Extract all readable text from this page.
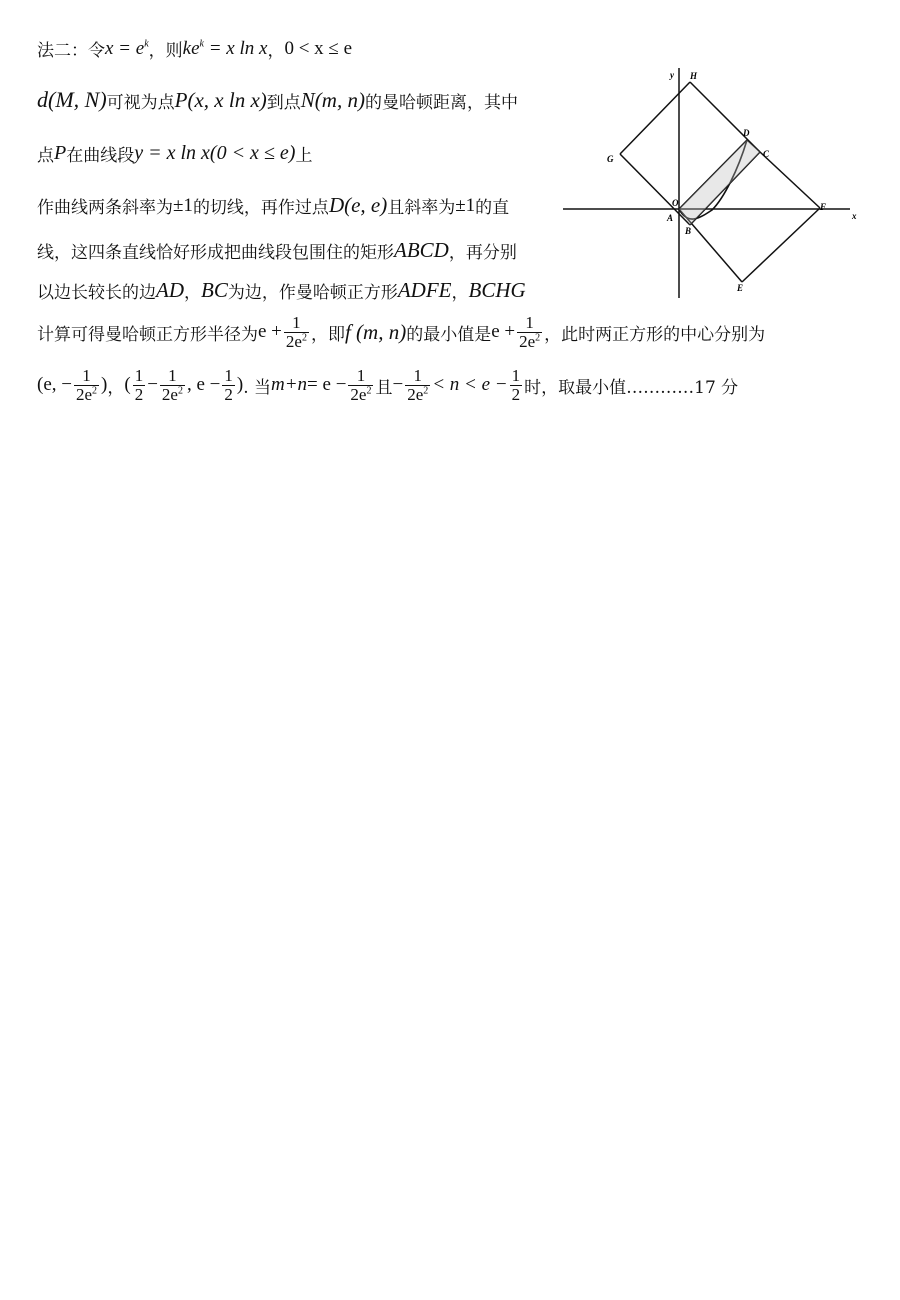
法二：令 $x = e^k$ ，则 $ke^k = x$ ln x ， 0 < x ≤ e
d(M, N) 可视为点 P(x, x ln x) 到点 N(m, n) 的曼哈顿距离，其中
点 P 在曲线段 y = x ln x(0 < x ≤ e) 上
作曲线两条斜率为 ±1 的切线，再作过点 D(e, e) 且斜率为 ±1 的直
线，这四条直线恰好形成把曲线段包围住的矩形 ABCD ，再分别
以边长较长的边 AD ， BC 为边，作曼哈顿正方形 ADFE ， BCHG
计算可得曼哈顿正方形半径为 $e + \frac{1}{2e^2}$ ，即 f (m, n) 的最小值是 $e + \frac{1}{2e^2}$ ，此时两正方形的中心分别为
(e, − $\frac{1}{2e^2}$ ) ， ( $\frac{1}{2} - \frac{1}{2e^2}$ , $e - \frac{1}{2}$ ) . 当 $m+n = e - \frac{1}{2e^2}$ 且 − $\frac{1}{2e^2} < n < e - \frac{1}{2}$ 时，取最小值…………17 分
y
x
H
G
D
C
O
A
B
F
E
